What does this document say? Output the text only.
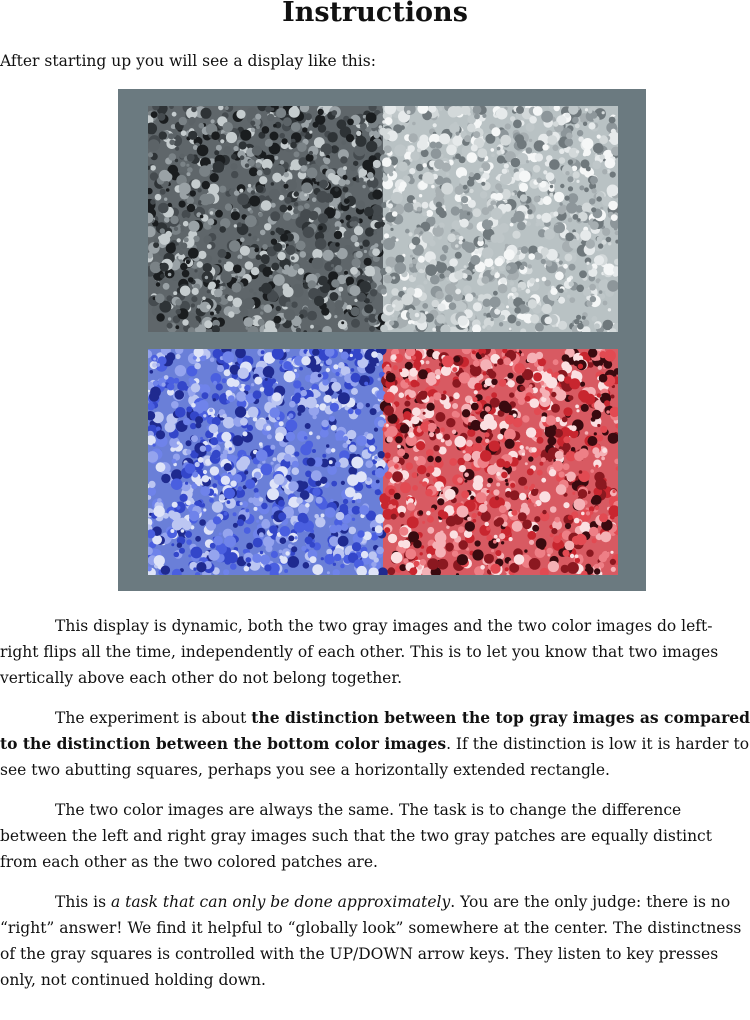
Instructions

After starting up you will see a display like this:

This display is dynamic, both the two gray images and the two color images do left-right flips all the time, independently of each other. This is to let you know that two images vertically above each other do not belong together.

The experiment is about the distinction between the top gray images as compared to the distinction between the bottom color images. If the distinction is low it is harder to see two abutting squares, perhaps you see a horizontally extended rectangle.

The two color images are always the same. The task is to change the difference between the left and right gray images such that the two gray patches are equally distinct from each other as the two colored patches are.

This is a task that can only be done approximately. You are the only judge: there is no “right” answer! We find it helpful to “globally look” somewhere at the center. The distinctness of the gray squares is controlled with the UP/DOWN arrow keys. They listen to key presses only, not continued holding down.
